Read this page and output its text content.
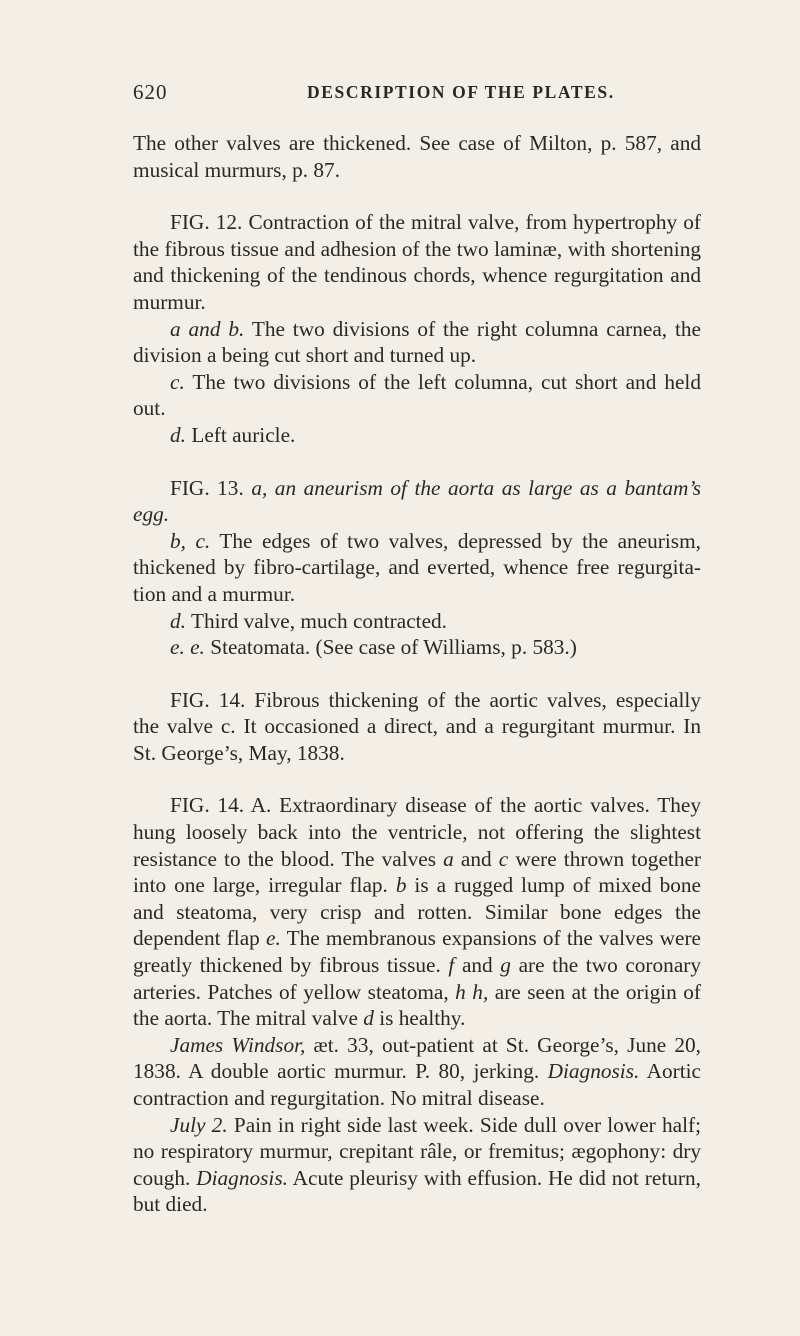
620	DESCRIPTION OF THE PLATES.

The other valves are thickened. See case of Milton, p. 587, and musical murmurs, p. 87.

FIG. 12. Contraction of the mitral valve, from hypertrophy of the fibrous tissue and adhesion of the two laminæ, with shortening and thickening of the tendinous chords, whence regurgitation and murmur.

a and b. The two divisions of the right columna carnea, the division a being cut short and turned up.

c. The two divisions of the left columna, cut short and held out.

d. Left auricle.

FIG. 13. a, an aneurism of the aorta as large as a bantam’s egg.

b, c. The edges of two valves, depressed by the aneurism, thickened by fibro-cartilage, and everted, whence free regurgitation and a murmur.

d. Third valve, much contracted.

e. e. Steatomata. (See case of Williams, p. 583.)

FIG. 14. Fibrous thickening of the aortic valves, especially the valve c. It occasioned a direct, and a regurgitant murmur. In St. George’s, May, 1838.

FIG. 14. A. Extraordinary disease of the aortic valves. They hung loosely back into the ventricle, not offering the slightest resistance to the blood. The valves a and c were thrown together into one large, irregular flap. b is a rugged lump of mixed bone and steatoma, very crisp and rotten. Similar bone edges the dependent flap e. The membranous expansions of the valves were greatly thickened by fibrous tissue. f and g are the two coronary arteries. Patches of yellow steatoma, h h, are seen at the origin of the aorta. The mitral valve d is healthy.

James Windsor, æt. 33, out-patient at St. George’s, June 20, 1838. A double aortic murmur. P. 80, jerking. Diagnosis. Aortic contraction and regurgitation. No mitral disease.

July 2. Pain in right side last week. Side dull over lower half; no respiratory murmur, crepitant râle, or fremitus; ægophony: dry cough. Diagnosis. Acute pleurisy with effusion. He did not return, but died.
